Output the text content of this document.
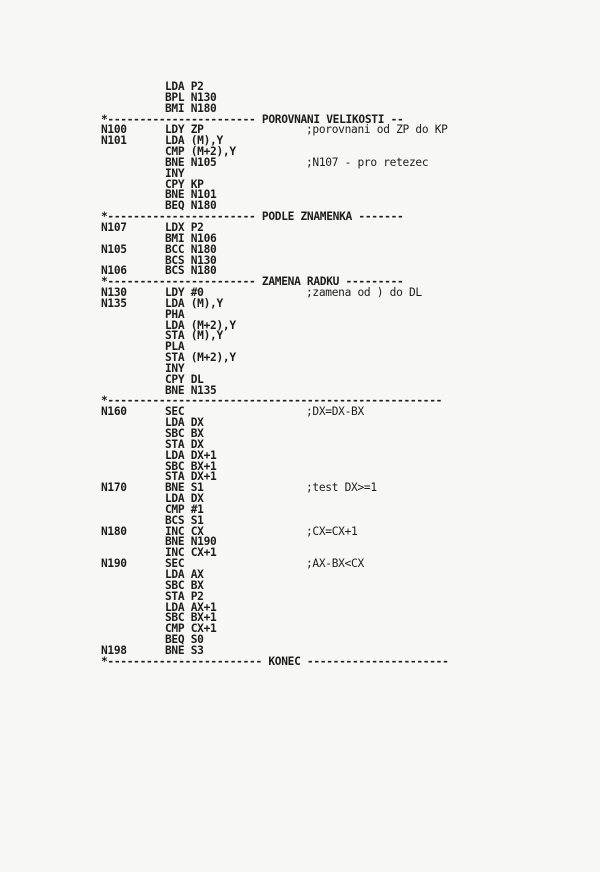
LDA P2
BPL N130
BMI N180
*----------------------- POROVNANI VELIKOSTI --
N100	LDY ZP	;porovnani od ZP do KP
N101	LDA (M),Y
CMP (M+2),Y
BNE N105	;N107 - pro retezec
INY
CPY KP
BNE N101
BEQ N180
*----------------------- PODLE ZNAMENKA -------
N107	LDX P2
BMI N106
N105	BCC N180
BCS N130
N106	BCS N180
*----------------------- ZAMENA RADKU ---------
N130	LDY #0	;zamena od ) do DL
N135	LDA (M),Y
PHA
LDA (M+2),Y
STA (M),Y
PLA
STA (M+2),Y
INY
CPY DL
BNE N135
*----------------------------------------------------
N160	SEC	;DX=DX-BX
LDA DX
SBC BX
STA DX
LDA DX+1
SBC BX+1
STA DX+1
N170	BNE S1	;test DX>=1
LDA DX
CMP #1
BCS S1
N180	INC CX	;CX=CX+1
BNE N190
INC CX+1
N190	SEC	;AX-BX<CX
LDA AX
SBC BX
STA P2
LDA AX+1
SBC BX+1
CMP CX+1
BEQ S0
N198	BNE S3
*------------------------ KONEC ----------------------
